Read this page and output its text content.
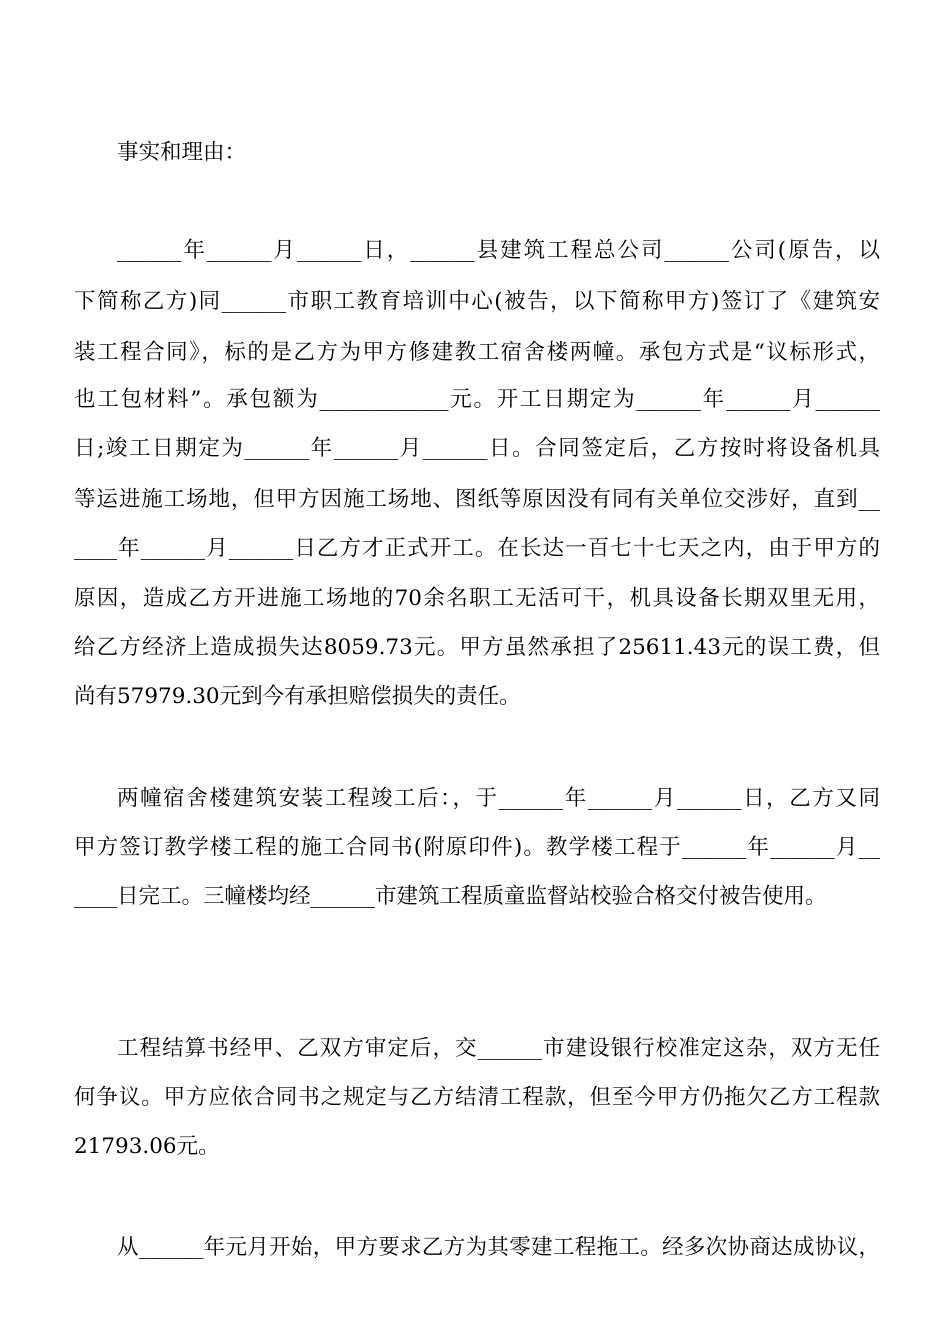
事实和理由：
______年______月______日，______县建筑工程总公司______公司(原告，以
下简称乙方)同______市职工教育培训中心(被告，以下简称甲方)签订了《建筑安
装工程合同》，标的是乙方为甲方修建教工宿舍楼两幢。承包方式是“议标形式，
也工包材料”。承包额为____________元。开工日期定为______年______月______
日;竣工日期定为______年______月______日。合同签定后，乙方按时将设备机具
等运进施工场地，但甲方因施工场地、图纸等原因没有同有关单位交涉好，直到__
____年______月______日乙方才正式开工。在长达一百七十七天之内，由于甲方的
原因，造成乙方开进施工场地的70余名职工无活可干，机具设备长期双里无用，
给乙方经济上造成损失达8059.73元。甲方虽然承担了25611.43元的误工费，但
尚有57979.30元到今有承担赔偿损失的责任。
两幢宿舍楼建筑安装工程竣工后：，于______年______月______日，乙方又同
甲方签订教学楼工程的施工合同书(附原印件)。教学楼工程于______年______月__
____日完工。三幢楼均经______市建筑工程质童监督站校验合格交付被告使用。
工程结算书经甲、乙双方审定后，交______市建设银行校准定这杂，双方无任
何争议。甲方应依合同书之规定与乙方结清工程款，但至今甲方仍拖欠乙方工程款
21793.06元。
从______年元月开始，甲方要求乙方为其零建工程拖工。经多次协商达成协议，
